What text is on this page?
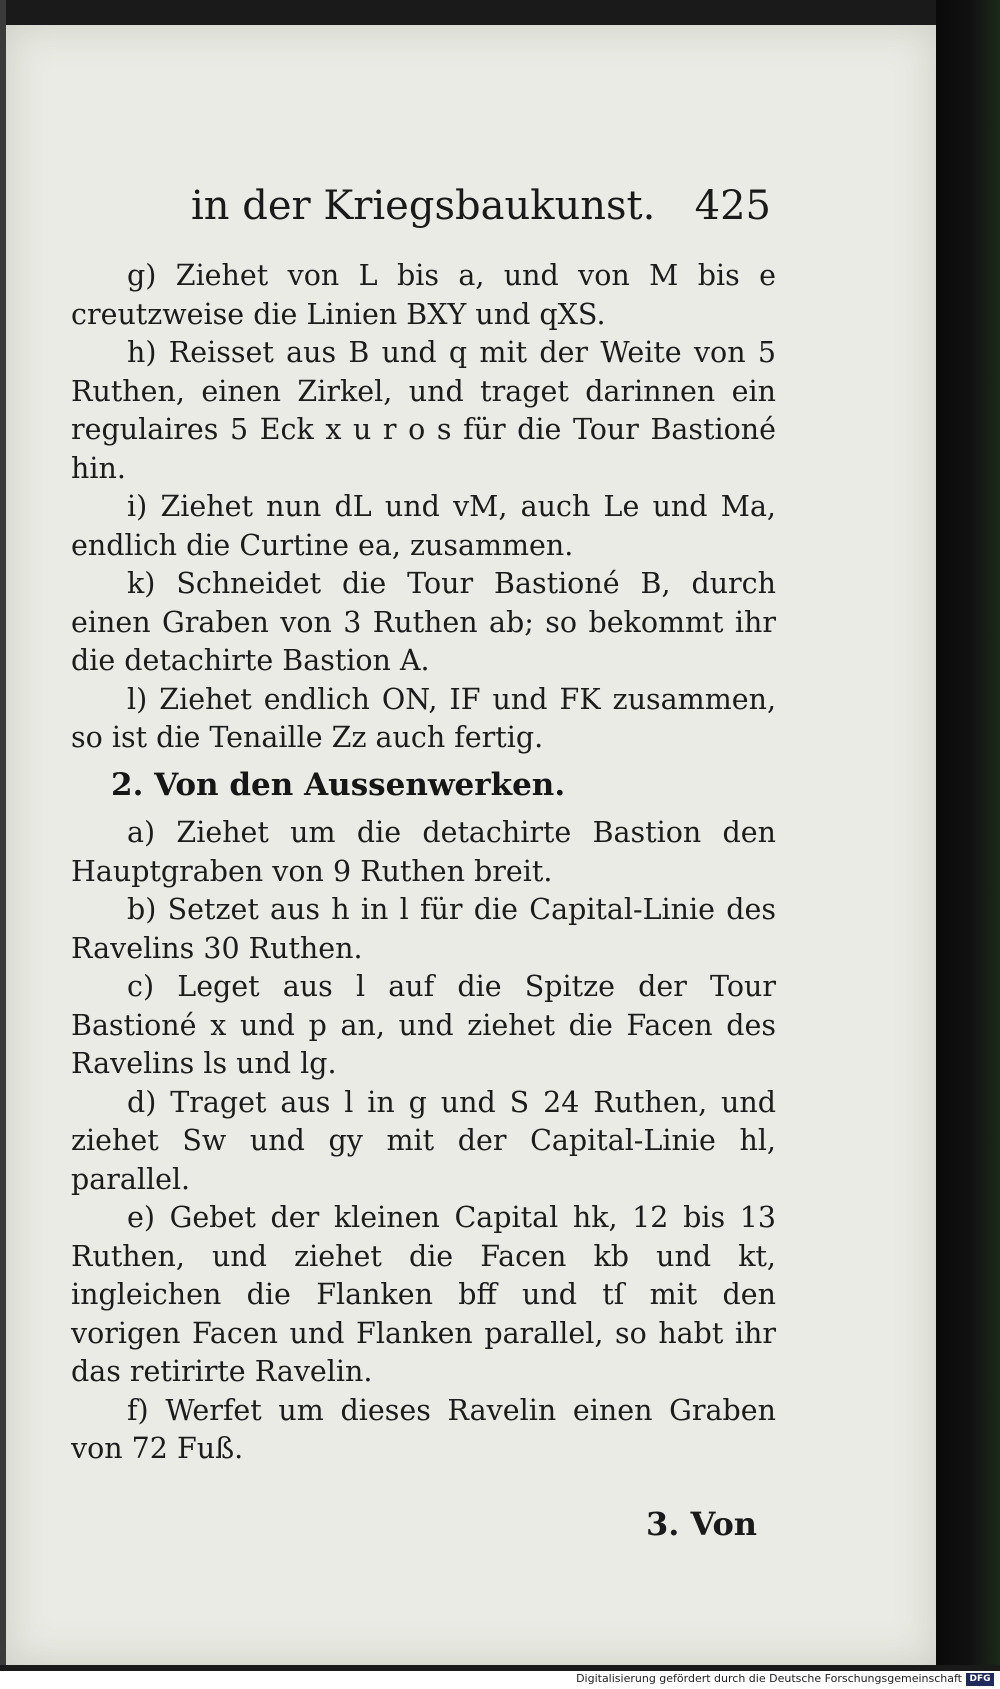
in der Kriegsbaukunst. 425

g) Ziehet von L bis a, und von M bis e creutzweise die Linien BXY und qXS.

h) Reisset aus B und q mit der Weite von 5 Ruthen, einen Zirkel, und traget darinnen ein regulaires 5 Eck x u r o s für die Tour Bastioné hin.

i) Ziehet nun dL und vM, auch Le und Ma, endlich die Curtine ea, zusammen.

k) Schneidet die Tour Bastioné B, durch einen Graben von 3 Ruthen ab; so bekommt ihr die detachirte Bastion A.

l) Ziehet endlich ON, IF und FK zusammen, so ist die Tenaille Zz auch fertig.

2. Von den Aussenwerken.

a) Ziehet um die detachirte Bastion den Hauptgraben von 9 Ruthen breit.

b) Setzet aus h in l für die Capital-Linie des Ravelins 30 Ruthen.

c) Leget aus l auf die Spitze der Tour Bastioné x und p an, und ziehet die Facen des Ravelins ls und lg.

d) Traget aus l in g und S 24 Ruthen, und ziehet Sw und gy mit der Capital-Linie hl, parallel.

e) Gebet der kleinen Capital hk, 12 bis 13 Ruthen, und ziehet die Facen kb und kt, ingleichen die Flanken bff und tſ mit den vorigen Facen und Flanken parallel, so habt ihr das retirirte Ravelin.

f) Werfet um dieses Ravelin einen Graben von 72 Fuß.

3. Von
Digitalisierung gefördert durch die Deutsche Forschungsgemeinschaft DFG
